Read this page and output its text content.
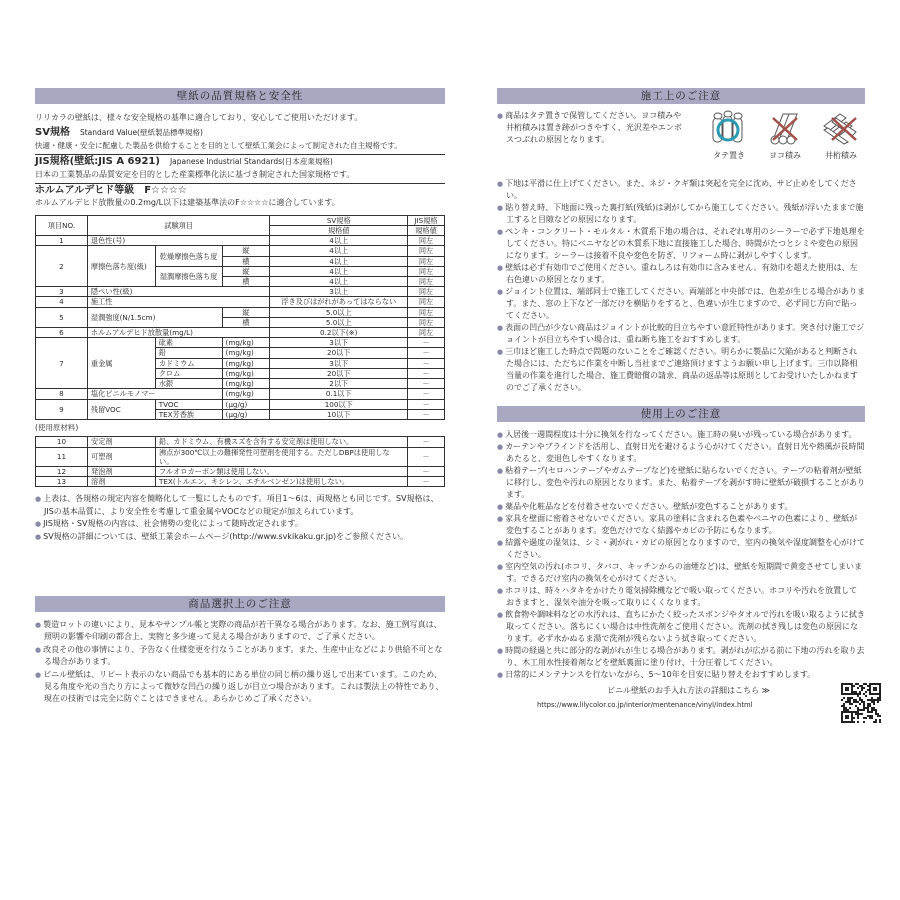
壁紙の品質規格と安全性

リリカラの壁紙は、様々な安全規格の基準に適合しており、安心してご使用いただけます。

SV規格 Standard Value(壁紙製品標準規格)

快適・健康・安全に配慮した製品を供給することを目的として壁紙工業会によって制定された自主規格です。

JIS規格(壁紙:JIS A 6921) Japanese Industrial Standards(日本産業規格)

日本の工業製品の品質安定を目的とした産業標準化法に基づき制定された国家規格です。

ホルムアルデヒド等級　F☆☆☆☆

ホルムアルデヒド放散量の0.2mg/L以下は建築基準法のF☆☆☆☆に適合しています。

項目NO.	試験項目			SV規格	JIS規格
				規格値	規格値
1	退色性(号)			4以上	同左
2	摩擦色落ち度(級)	乾燥摩擦色落ち度	縦	4以上	同左
			横	4以上	同左
		湿潤摩擦色落ち度	縦	4以上	同左
			横	4以上	同左
3	隠ぺい性(級)			3以上	同左
4	施工性			浮き及びはがれがあってはならない	同左
5	湿潤強度(N/1.5cm)		縦	5.0以上	同左
			横	5.0以上	同左
6	ホルムアルデヒド放散量(mg/L)			0.2以下(※)	同左
7	重金属	砒素	(mg/kg)	3以下	－
		鉛	(mg/kg)	20以下	－
		カドミウム	(mg/kg)	3以下	－
		クロム	(mg/kg)	20以下	－
		水銀	(mg/kg)	2以下	－
8	塩化ビニルモノマー		(mg/kg)	0.1以下	－
9	残留VOC	TVOC	(μg/g)	100以下	－
		TEX芳香族	(μg/g)	10以下	－
(使用原材料)
10	安定剤	鉛、カドミウム、有機スズを含有する安定剤は使用しない。	－
11	可塑剤	沸点が300℃以上の難揮発性可塑剤を使用する。ただしDBPは使用しない。	－
12	発泡剤	フルオロカーボン類は使用しない。	－
13	溶剤	TEX(トルエン、キシレン、エチルベンゼン)は使用しない。	－
● 上表は、各規格の規定内容を簡略化して一覧にしたものです。項目1～6は、両規格とも同じです。SV規格は、JISの基本品質に、より安全性を考慮して重金属やVOCなどの規定が加えられています。
● JIS規格・SV規格の内容は、社会情勢の変化によって随時改定されます。
● SV規格の詳細については、壁紙工業会ホームページ(http://www.svkikaku.gr.jp)をご参照ください。
商品選択上のご注意
● 製造ロットの違いにより、見本やサンプル帳と実際の商品が若干異なる場合があります。なお、施工例写真は、照明の影響や印刷の都合上、実物と多少違って見える場合がありますので、ご了承ください。
● 改良その他の事情により、予告なく仕様変更を行なうことがあります。また、生産中止などにより供給不可となる場合があります。
● ビニル壁紙は、リピート表示のない商品でも基本的にある単位の同じ柄の繰り返しで出来ています。このため、見る角度や光の当たり方によって微妙な凹凸の繰り返しが目立つ場合があります。これは製法上の特性であり、現在の技術では完全に防ぐことはできません。あらかじめご了承ください。
施工上のご注意
● 商品はタテ置きで保管してください。ヨコ積みや井桁積みは置き跡がつきやすく、光沢差やエンボスつぶれの原因となります。
タテ置き	ヨコ積み	井桁積み
● 下地は平滑に仕上げてください。また、ネジ・クギ類は突起を完全に沈め、サビ止めをしてください。
● 貼り替え時、下地面に残った裏打紙(残紙)は剥がしてから施工してください。残紙が浮いたままで施工すると目隙などの原因になります。
● ペンキ・コンクリート・モルタル・木質系下地の場合は、それぞれ専用のシーラーで必ず下地処理をしてください。特にベニヤなどの木質系下地に直接施工した場合、時間がたつとシミや変色の原因になります。シーラーは接着不良や変色を防ぎ、リフォーム時に剥がしやすくします。
● 壁紙は必ず有効巾でご使用ください。重ねしろは有効巾に含みません。有効巾を超えた使用は、左右色違いの原因となります。
● ジョイント位置は、端部同士で施工してください。両端部と中央部では、色差が生じる場合があります。また、窓の上下など一部だけを横貼りをすると、色違いが生じますので、必ず同じ方向で貼ってください。
● 表面の凹凸が少ない商品はジョイントが比較的目立ちやすい意匠特性があります。突き付け施工でジョイントが目立ちやすい場合は、重ね断ち施工をおすすめします。
● 三巾ほど施工した時点で問題のないことをご確認ください。明らかに製品に欠陥があると判断された場合には、ただちに作業を中断し当社までご連絡頂けますようお願い申し上げます。三巾以降相当量の作業を進行した場合、施工費賠償の請求、商品の返品等は原則としてお受けいたしかねますのでご了承ください。
使用上のご注意
● 入居後一週間程度は十分に換気を行なってください。施工時の臭いが残っている場合があります。
● カーテンやブラインドを活用し、直射日光を避けるよう心がけてください。直射日光や熱風が長時間あたると、変退色しやすくなります。
● 粘着テープ(セロハンテープやガムテープなど)を壁紙に貼らないでください。テープの粘着剤が壁紙に移行し、変色や汚れの原因となります。また、粘着テープを剥がす時に壁紙が破損することがあります。
● 薬品や化粧品などを付着させないでください。壁紙が変色することがあります。
● 家具を壁面に密着させないでください。家具の塗料に含まれる色素やベニヤの色素により、壁紙が変色することがあります。変色だけでなく結露やカビの予防にもなります。
● 結露や過度の湿気は、シミ・剥がれ・カビの原因となりますので、室内の換気や湿度調整を心がけてください。
● 室内空気の汚れ(ホコリ、タバコ、キッチンからの油煙など)は、壁紙を短期間で黄変させてしまいます。できるだけ室内の換気を心がけてください。
● ホコリは、時々ハタキをかけたり電気掃除機などで吸い取ってください。ホコリや汚れを放置しておきますと、湿気や油分を吸って取りにくくなります。
● 飲食物や調味料などの水汚れは、直ちにかたく絞ったスポンジやタオルで汚れを吸い取るように拭き取ってください。落ちにくい場合は中性洗剤をご使用ください。洗剤の拭き残しは変色の原因になります。必ず水かぬるま湯で洗剤が残らないよう拭き取ってください。
● 時間の経過と共に部分的な剥がれが生じる場合があります。剥がれが広がる前に下地の汚れを取り去り、木工用水性接着剤などを壁紙裏面に塗り付け、十分圧着してください。
● 日常的にメンテナンスを行ないながら、5～10年を目安に貼り替えをおすすめします。
ビニル壁紙のお手入れ方法の詳細はこちら ≫
https://www.lilycolor.co.jp/interior/mentenance/vinyl/index.html
